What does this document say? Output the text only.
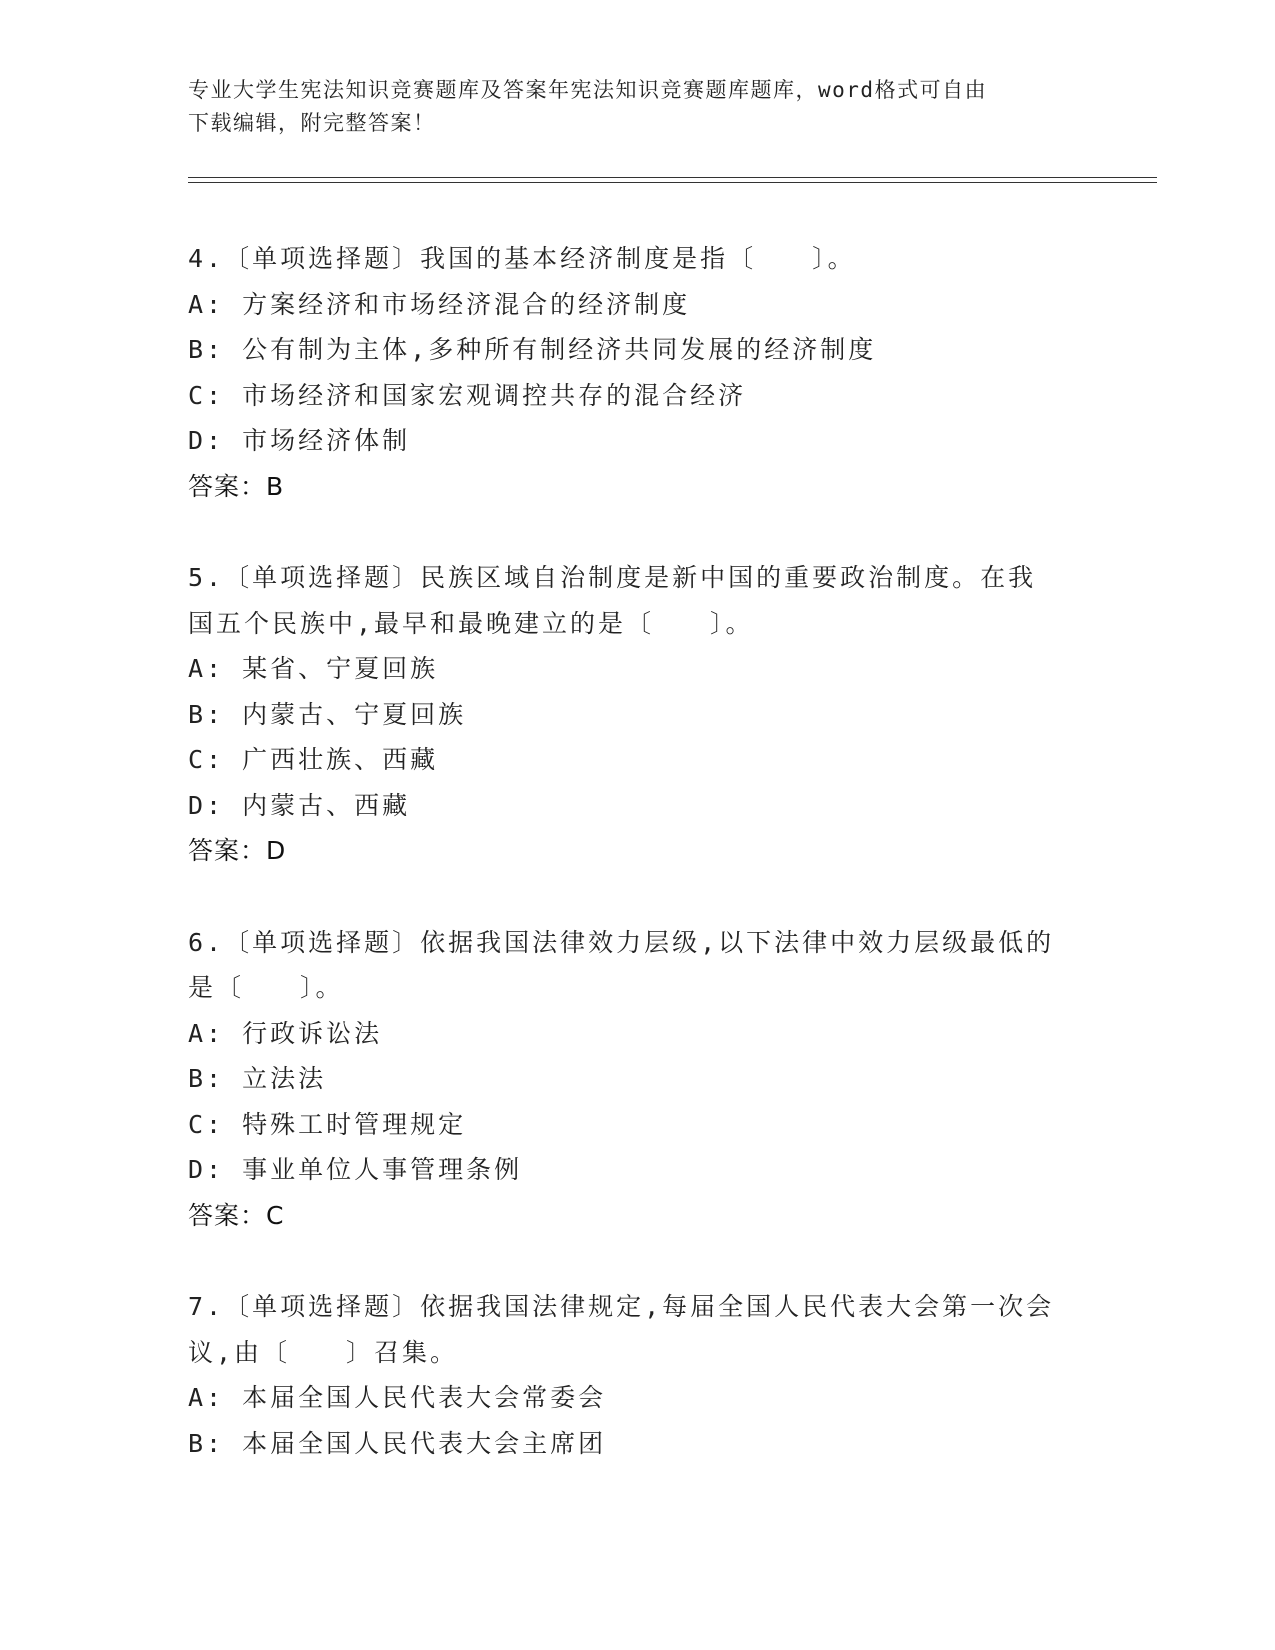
专业大学生宪法知识竞赛题库及答案年宪法知识竞赛题库题库，word格式可自由
下载编辑，附完整答案！
4.〔单项选择题〕我国的基本经济制度是指〔　　〕。
A: 方案经济和市场经济混合的经济制度
B: 公有制为主体,多种所有制经济共同发展的经济制度
C: 市场经济和国家宏观调控共存的混合经济
D: 市场经济体制
答案：B
5.〔单项选择题〕民族区域自治制度是新中国的重要政治制度。在我
国五个民族中,最早和最晚建立的是〔　　〕。
A: 某省、宁夏回族
B: 内蒙古、宁夏回族
C: 广西壮族、西藏
D: 内蒙古、西藏
答案：D
6.〔单项选择题〕依据我国法律效力层级,以下法律中效力层级最低的
是〔　　〕。
A: 行政诉讼法
B: 立法法
C: 特殊工时管理规定
D: 事业单位人事管理条例
答案：C
7.〔单项选择题〕依据我国法律规定,每届全国人民代表大会第一次会
议,由〔　　〕召集。
A: 本届全国人民代表大会常委会
B: 本届全国人民代表大会主席团
